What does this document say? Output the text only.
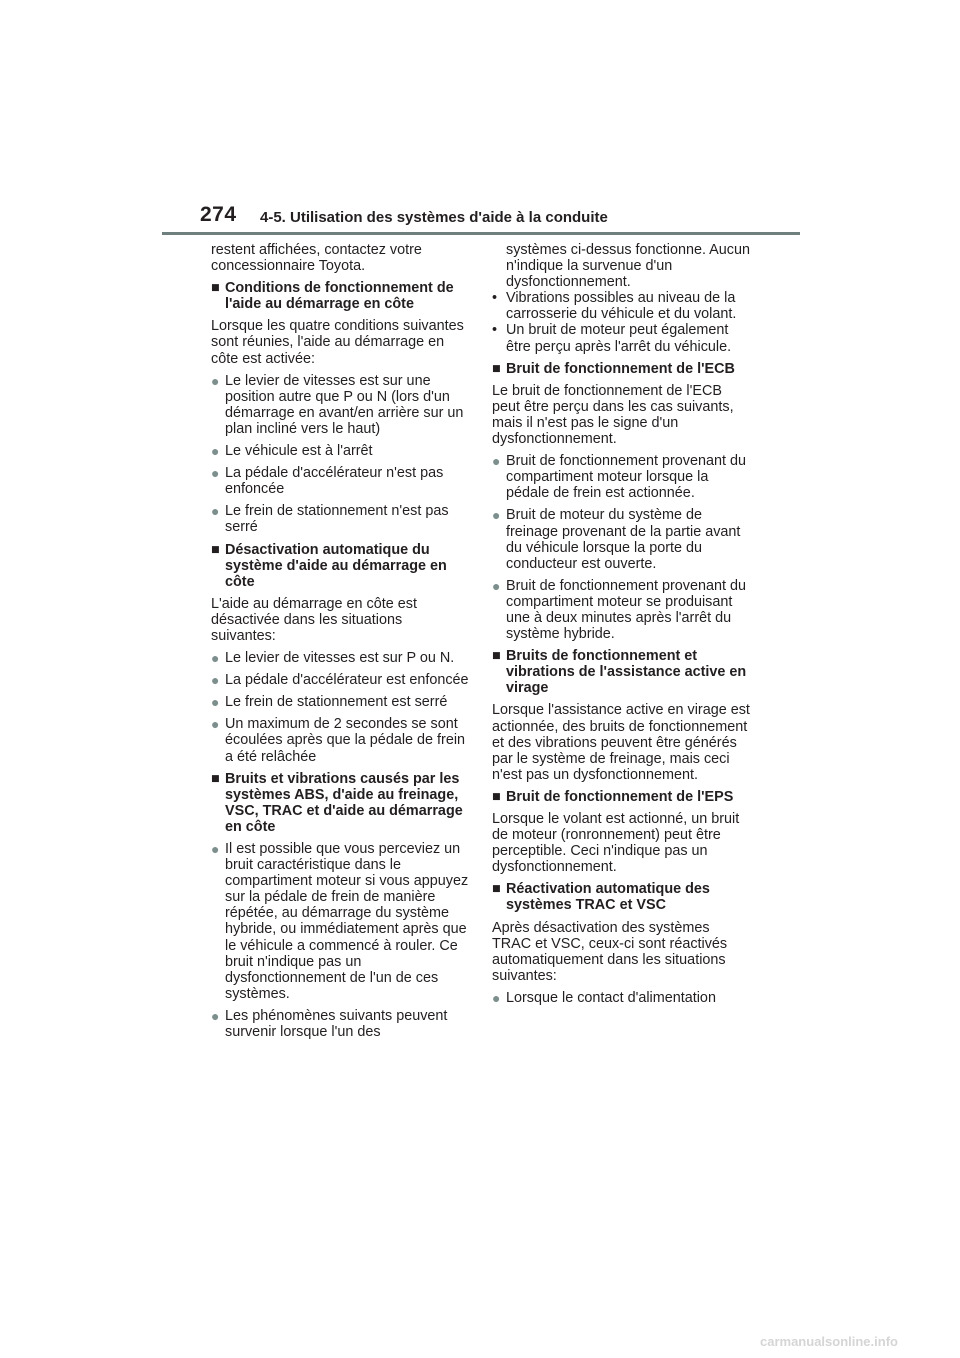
274 4-5. Utilisation des systèmes d'aide à la conduite

restent affichées, contactez votre concessionnaire Toyota.

■ Conditions de fonctionnement de l'aide au démarrage en côte

Lorsque les quatre conditions suivantes sont réunies, l'aide au démarrage en côte est activée:

● Le levier de vitesses est sur une position autre que P ou N (lors d'un démarrage en avant/en arrière sur un plan incliné vers le haut)
● Le véhicule est à l'arrêt
● La pédale d'accélérateur n'est pas enfoncée
● Le frein de stationnement n'est pas serré
■ Désactivation automatique du système d'aide au démarrage en côte

L'aide au démarrage en côte est désactivée dans les situations suivantes:

● Le levier de vitesses est sur P ou N.
● La pédale d'accélérateur est enfoncée
● Le frein de stationnement est serré
● Un maximum de 2 secondes se sont écoulées après que la pédale de frein a été relâchée
■ Bruits et vibrations causés par les systèmes ABS, d'aide au freinage, VSC, TRAC et d'aide au démarrage en côte
● Il est possible que vous perceviez un bruit caractéristique dans le compartiment moteur si vous appuyez sur la pédale de frein de manière répétée, au démarrage du système hybride, ou immédiatement après que le véhicule a commencé à rouler. Ce bruit n'indique pas un dysfonctionnement de l'un de ces systèmes.
● Les phénomènes suivants peuvent survenir lorsque l'un des

systèmes ci-dessus fonctionne. Aucun n'indique la survenue d'un dysfonctionnement.

• Vibrations possibles au niveau de la carrosserie du véhicule et du volant.
• Un bruit de moteur peut également être perçu après l'arrêt du véhicule.
■ Bruit de fonctionnement de l'ECB

Le bruit de fonctionnement de l'ECB peut être perçu dans les cas suivants, mais il n'est pas le signe d'un dysfonctionnement.

● Bruit de fonctionnement provenant du compartiment moteur lorsque la pédale de frein est actionnée.
● Bruit de moteur du système de freinage provenant de la partie avant du véhicule lorsque la porte du conducteur est ouverte.
● Bruit de fonctionnement provenant du compartiment moteur se produisant une à deux minutes après l'arrêt du système hybride.
■ Bruits de fonctionnement et vibrations de l'assistance active en virage

Lorsque l'assistance active en virage est actionnée, des bruits de fonctionnement et des vibrations peuvent être générés par le système de freinage, mais ceci n'est pas un dysfonctionnement.

■ Bruit de fonctionnement de l'EPS

Lorsque le volant est actionné, un bruit de moteur (ronronnement) peut être perceptible. Ceci n'indique pas un dysfonctionnement.

■ Réactivation automatique des systèmes TRAC et VSC

Après désactivation des systèmes TRAC et VSC, ceux-ci sont réactivés automatiquement dans les situations suivantes:

● Lorsque le contact d'alimentation
carmanualsonline.info
